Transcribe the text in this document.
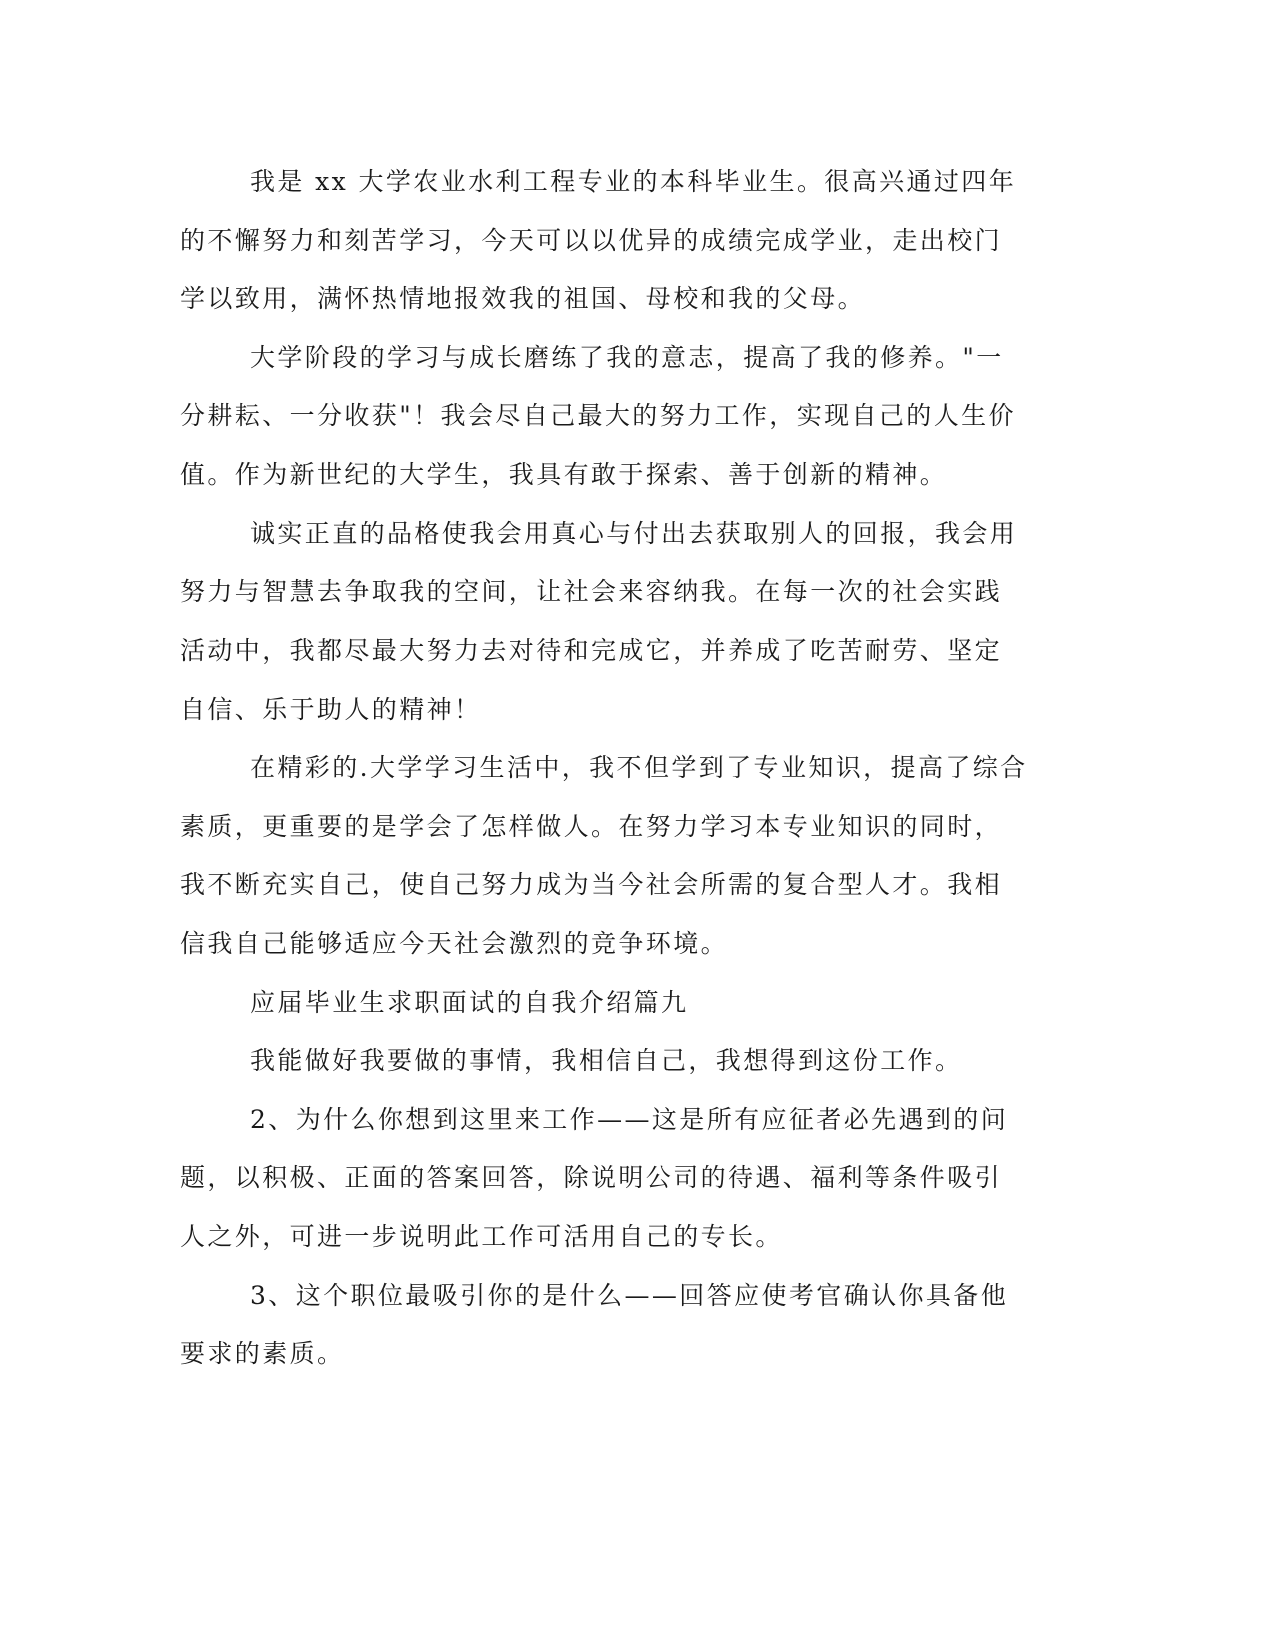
我是 xx 大学农业水利工程专业的本科毕业生。很高兴通过四年

的不懈努力和刻苦学习，今天可以以优异的成绩完成学业，走出校门

学以致用，满怀热情地报效我的祖国、母校和我的父母。

大学阶段的学习与成长磨练了我的意志，提高了我的修养。"一

分耕耘、一分收获"！我会尽自己最大的努力工作，实现自己的人生价

值。作为新世纪的大学生，我具有敢于探索、善于创新的精神。

诚实正直的品格使我会用真心与付出去获取别人的回报，我会用

努力与智慧去争取我的空间，让社会来容纳我。在每一次的社会实践

活动中，我都尽最大努力去对待和完成它，并养成了吃苦耐劳、坚定

自信、乐于助人的精神！

在精彩的.大学学习生活中，我不但学到了专业知识，提高了综合

素质，更重要的是学会了怎样做人。在努力学习本专业知识的同时，

我不断充实自己，使自己努力成为当今社会所需的复合型人才。我相

信我自己能够适应今天社会激烈的竞争环境。

应届毕业生求职面试的自我介绍篇九

我能做好我要做的事情，我相信自己，我想得到这份工作。

2、为什么你想到这里来工作——这是所有应征者必先遇到的问

题，以积极、正面的答案回答，除说明公司的待遇、福利等条件吸引

人之外，可进一步说明此工作可活用自己的专长。

3、这个职位最吸引你的是什么——回答应使考官确认你具备他

要求的素质。
